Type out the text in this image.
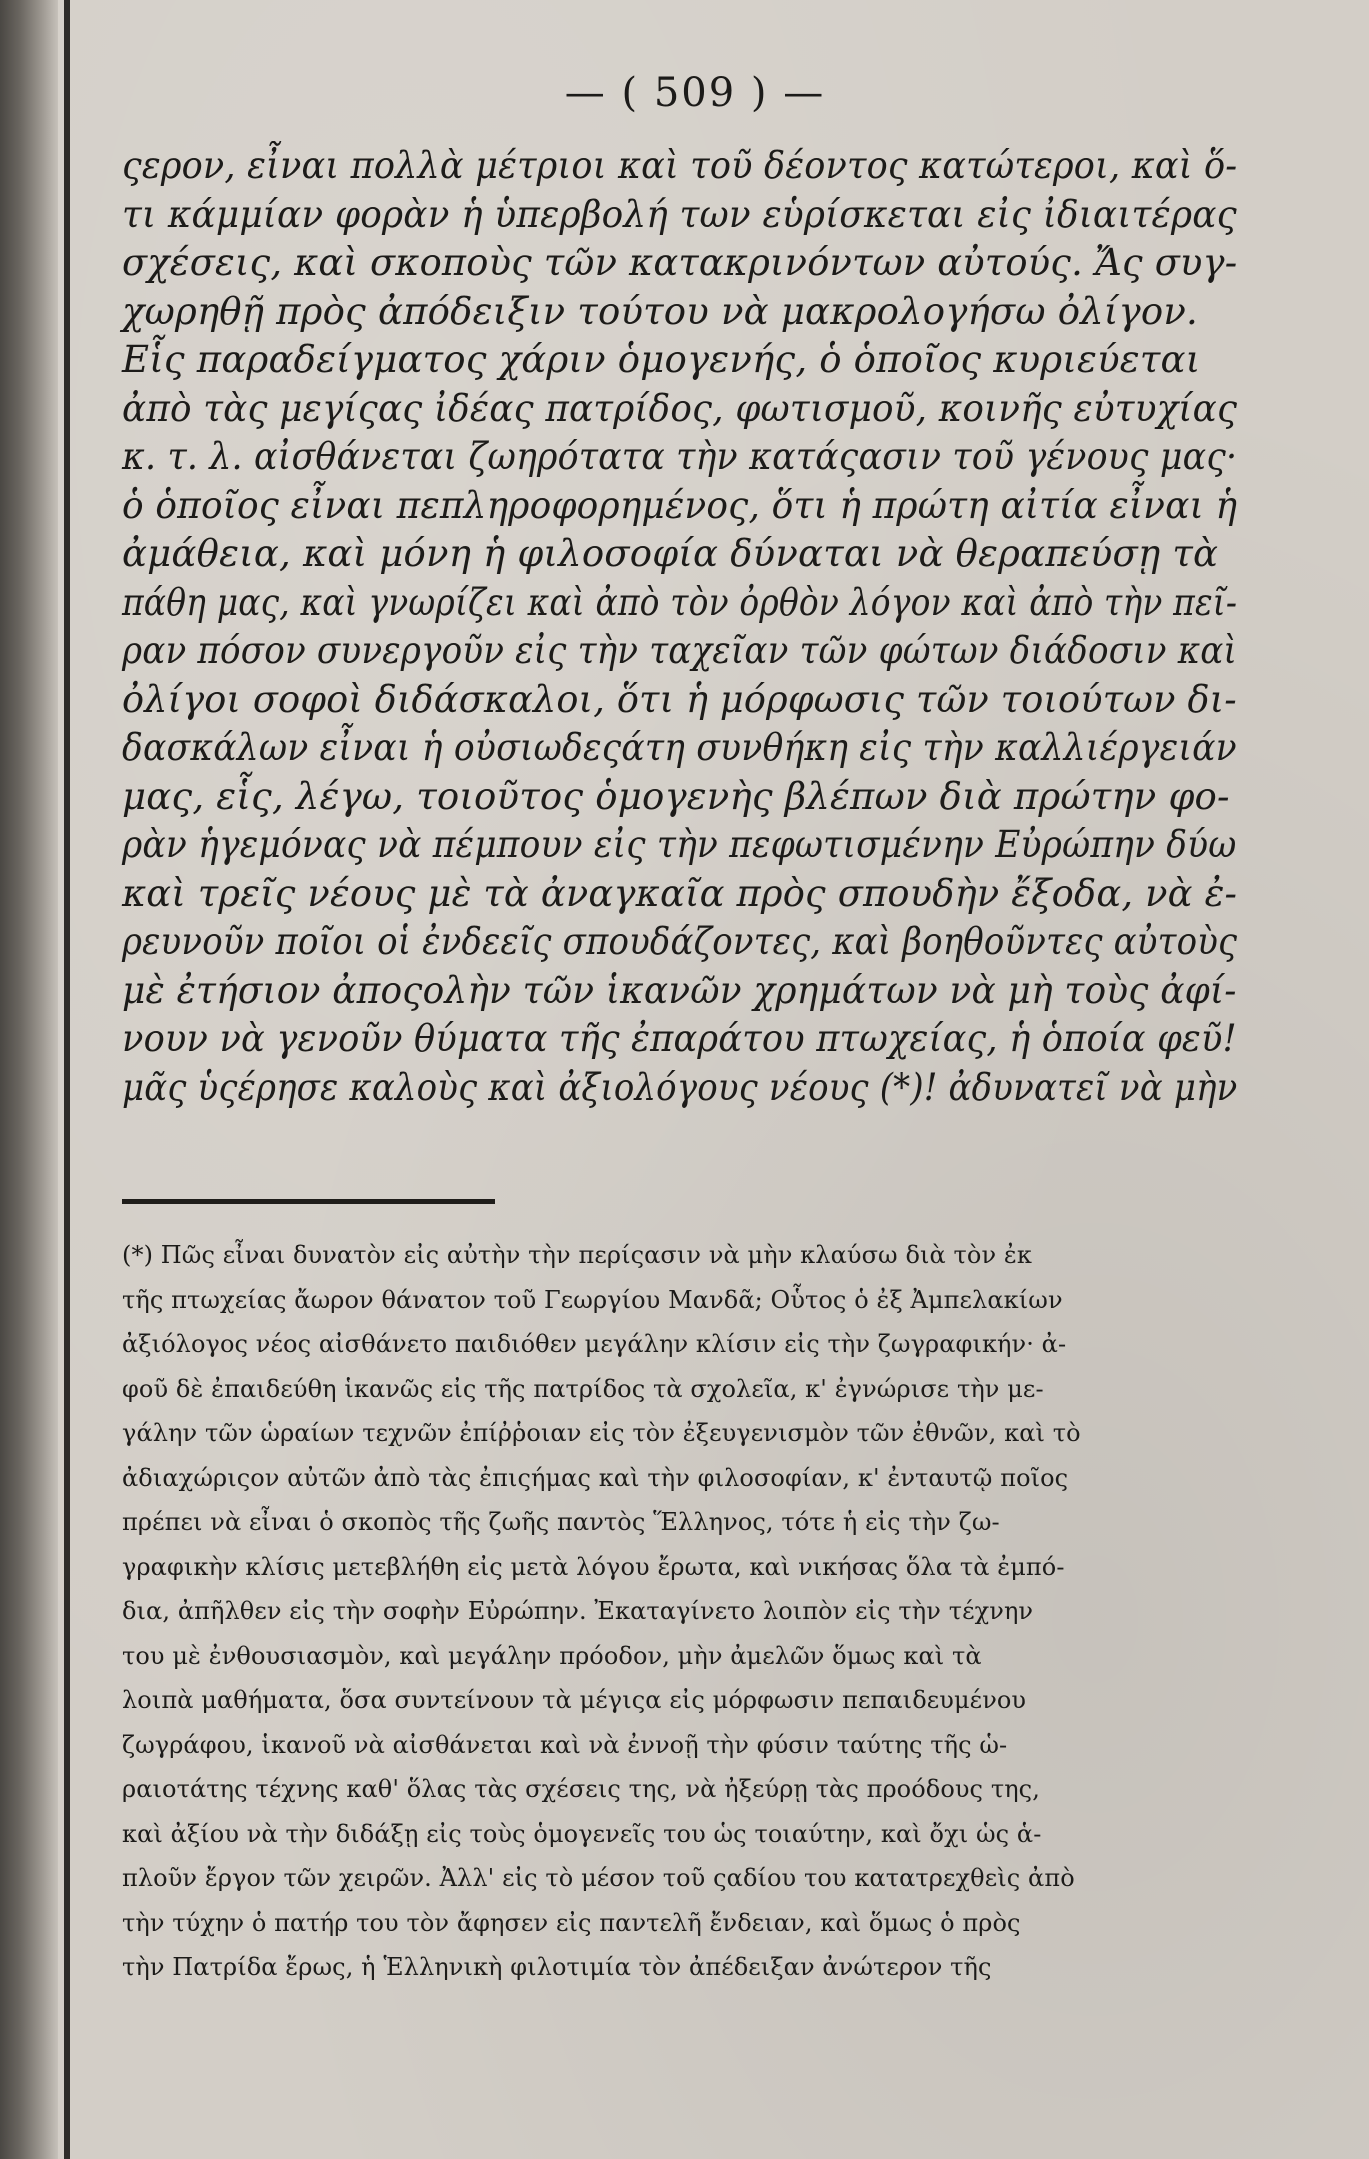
— ( 509 ) —
ςερον, εἶναι πολλὰ μέτριοι καὶ τοῦ δέοντος κατώτεροι, καὶ ὅ-
τι κάμμίαν φορὰν ἡ ὑπερβολή των εὑρίσκεται εἰς ἰδιαιτέρας
σχέσεις, καὶ σκοποὺς τῶν κατακρινόντων αὐτούς. Ἄς συγ-
χωρηθῇ πρὸς ἀπόδειξιν τούτου νὰ μακρολογήσω ὀλίγον.
Εἷς παραδείγματος χάριν ὁμογενής, ὁ ὁποῖος κυριεύεται
ἀπὸ τὰς μεγίςας ἰδέας πατρίδος, φωτισμοῦ, κοινῆς εὐτυχίας
κ. τ. λ. αἰσθάνεται ζωηρότατα τὴν κατάςασιν τοῦ γένους μας·
ὁ ὁποῖος εἶναι πεπληροφορημένος, ὅτι ἡ πρώτη αἰτία εἶναι ἡ
ἀμάθεια, καὶ μόνη ἡ φιλοσοφία δύναται νὰ θεραπεύσῃ τὰ
πάθη μας, καὶ γνωρίζει καὶ ἀπὸ τὸν ὀρθὸν λόγον καὶ ἀπὸ τὴν πεῖ-
ραν πόσον συνεργοῦν εἰς τὴν ταχεῖαν τῶν φώτων διάδοσιν καὶ
ὀλίγοι σοφοὶ διδάσκαλοι, ὅτι ἡ μόρφωσις τῶν τοιούτων δι-
δασκάλων εἶναι ἡ οὐσιωδεςάτη συνθήκη εἰς τὴν καλλιέργειάν
μας, εἷς, λέγω, τοιοῦτος ὁμογενὴς βλέπων διὰ πρώτην φο-
ρὰν ἡγεμόνας νὰ πέμπουν εἰς τὴν πεφωτισμένην Εὐρώπην δύω
καὶ τρεῖς νέους μὲ τὰ ἀναγκαῖα πρὸς σπουδὴν ἔξοδα, νὰ ἐ-
ρευνοῦν ποῖοι οἱ ἐνδεεῖς σπουδάζοντες, καὶ βοηθοῦντες αὐτοὺς
μὲ ἐτήσιον ἀποςολὴν τῶν ἱκανῶν χρημάτων νὰ μὴ τοὺς ἀφί-
νουν νὰ γενοῦν θύματα τῆς ἐπαράτου πτωχείας, ἡ ὁποία φεῦ!
μᾶς ὑςέρησε καλοὺς καὶ ἀξιολόγους νέους (*)! ἀδυνατεῖ νὰ μὴν
(*) Πῶς εἶναι δυνατὸν εἰς αὐτὴν τὴν περίςασιν νὰ μὴν κλαύσω διὰ τὸν ἐκ
τῆς πτωχείας ἄωρον θάνατον τοῦ Γεωργίου Μανδᾶ; Οὗτος ὁ ἐξ Ἀμπελακίων
ἀξιόλογος νέος αἰσθάνετο παιδιόθεν μεγάλην κλίσιν εἰς τὴν ζωγραφικήν· ἀ-
φοῦ δὲ ἐπαιδεύθη ἱκανῶς εἰς τῆς πατρίδος τὰ σχολεῖα, κ' ἐγνώρισε τὴν με-
γάλην τῶν ὡραίων τεχνῶν ἐπίῤῥοιαν εἰς τὸν ἐξευγενισμὸν τῶν ἐθνῶν, καὶ τὸ
ἀδιαχώριςον αὐτῶν ἀπὸ τὰς ἐπιςήμας καὶ τὴν φιλοσοφίαν, κ' ἐνταυτῷ ποῖος
πρέπει νὰ εἶναι ὁ σκοπὸς τῆς ζωῆς παντὸς Ἕλληνος, τότε ἡ εἰς τὴν ζω-
γραφικὴν κλίσις μετεβλήθη εἰς μετὰ λόγου ἔρωτα, καὶ νικήσας ὅλα τὰ ἐμπό-
δια, ἀπῆλθεν εἰς τὴν σοφὴν Εὐρώπην. Ἐκαταγίνετο λοιπὸν εἰς τὴν τέχνην
του μὲ ἐνθουσιασμὸν, καὶ μεγάλην πρόοδον, μὴν ἀμελῶν ὅμως καὶ τὰ
λοιπὰ μαθήματα, ὅσα συντείνουν τὰ μέγιςα εἰς μόρφωσιν πεπαιδευμένου
ζωγράφου, ἱκανοῦ νὰ αἰσθάνεται καὶ νὰ ἐννοῇ τὴν φύσιν ταύτης τῆς ὡ-
ραιοτάτης τέχνης καθ' ὅλας τὰς σχέσεις της, νὰ ἠξεύρῃ τὰς προόδους της,
καὶ ἀξίου νὰ τὴν διδάξῃ εἰς τοὺς ὁμογενεῖς του ὡς τοιαύτην, καὶ ὄχι ὡς ἁ-
πλοῦν ἔργον τῶν χειρῶν. Ἀλλ' εἰς τὸ μέσον τοῦ ςαδίου του κατατρεχθεὶς ἀπὸ
τὴν τύχην ὁ πατήρ του τὸν ἄφησεν εἰς παντελῆ ἔνδειαν, καὶ ὅμως ὁ πρὸς
τὴν Πατρίδα ἔρως, ἡ Ἑλληνικὴ φιλοτιμία τὸν ἀπέδειξαν ἀνώτερον τῆς
